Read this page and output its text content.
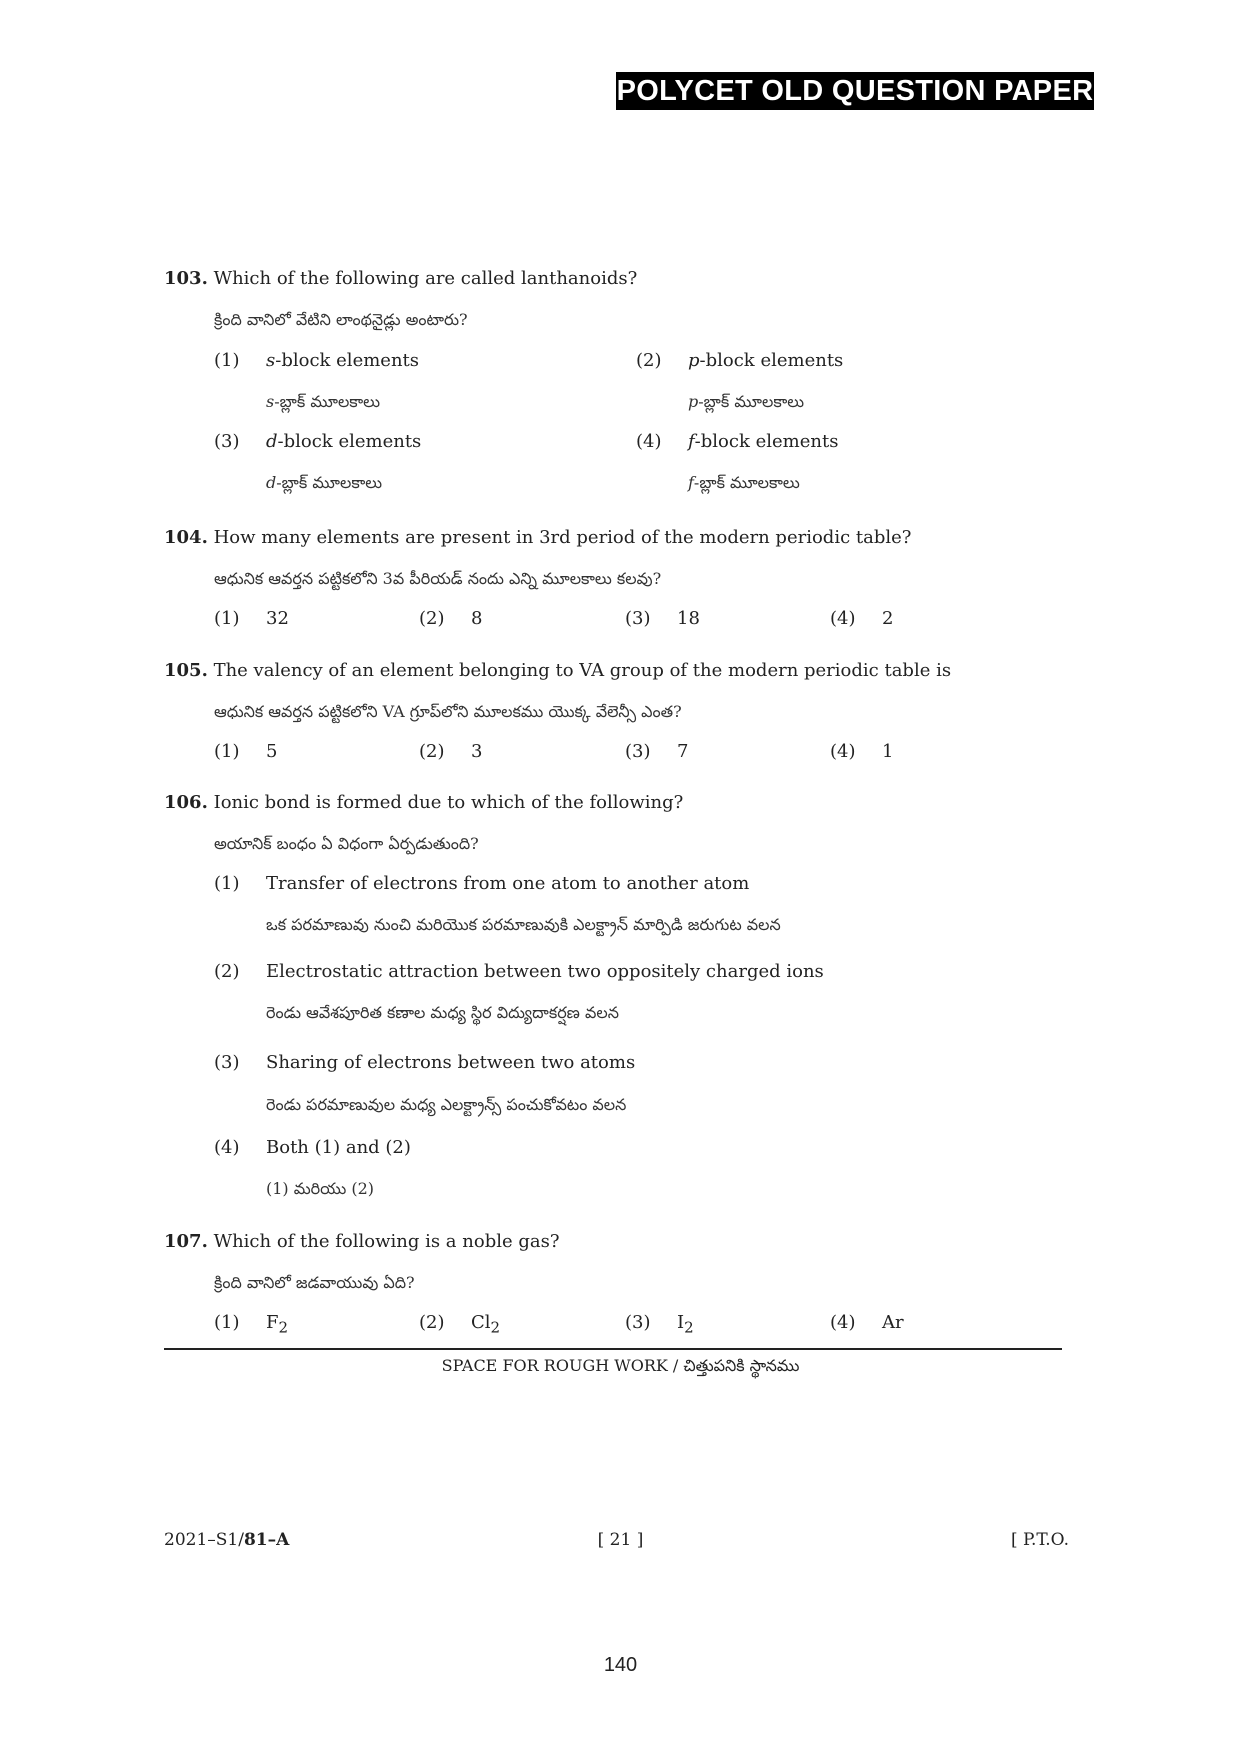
POLYCET OLD QUESTION PAPER
103. Which of the following are called lanthanoids?
క్రింది వానిలో వేటిని లాంథనైడ్లు అంటారు?
(1) s-block elements
s-బ్లాక్ మూలకాలు
(2) p-block elements
p-బ్లాక్ మూలకాలు
(3) d-block elements
d-బ్లాక్ మూలకాలు
(4) f-block elements
f-బ్లాక్ మూలకాలు
104. How many elements are present in 3rd period of the modern periodic table?
ఆధునిక ఆవర్తన పట్టికలోని 3వ పీరియడ్ నందు ఎన్ని మూలకాలు కలవు?
(1) 32	(2) 8	(3) 18	(4) 2
105. The valency of an element belonging to VA group of the modern periodic table is
ఆధునిక ఆవర్తన పట్టికలోని VA గ్రూప్‌లోని మూలకము యొక్క వేలెన్సీ ఎంత?
(1) 5	(2) 3	(3) 7	(4) 1
106. Ionic bond is formed due to which of the following?
అయానిక్ బంధం ఏ విధంగా ఏర్పడుతుంది?
(1) Transfer of electrons from one atom to another atom
ఒక పరమాణువు నుంచి మరియొక పరమాణువుకి ఎలక్ట్రాన్ మార్పిడి జరుగుట వలన
(2) Electrostatic attraction between two oppositely charged ions
రెండు ఆవేశపూరిత కణాల మధ్య స్థిర విద్యుదాకర్షణ వలన
(3) Sharing of electrons between two atoms
రెండు పరమాణువుల మధ్య ఎలక్ట్రాన్స్ పంచుకోవటం వలన
(4) Both (1) and (2)
(1) మరియు (2)
107. Which of the following is a noble gas?
క్రింది వానిలో జడవాయువు ఏది?
(1) $F_2$	(2) $Cl_2$	(3) $I_2$	(4) Ar
SPACE FOR ROUGH WORK / చిత్తుపనికి స్థానము
2021–S1/81–A	[ 21 ]	[ P.T.O.
140
